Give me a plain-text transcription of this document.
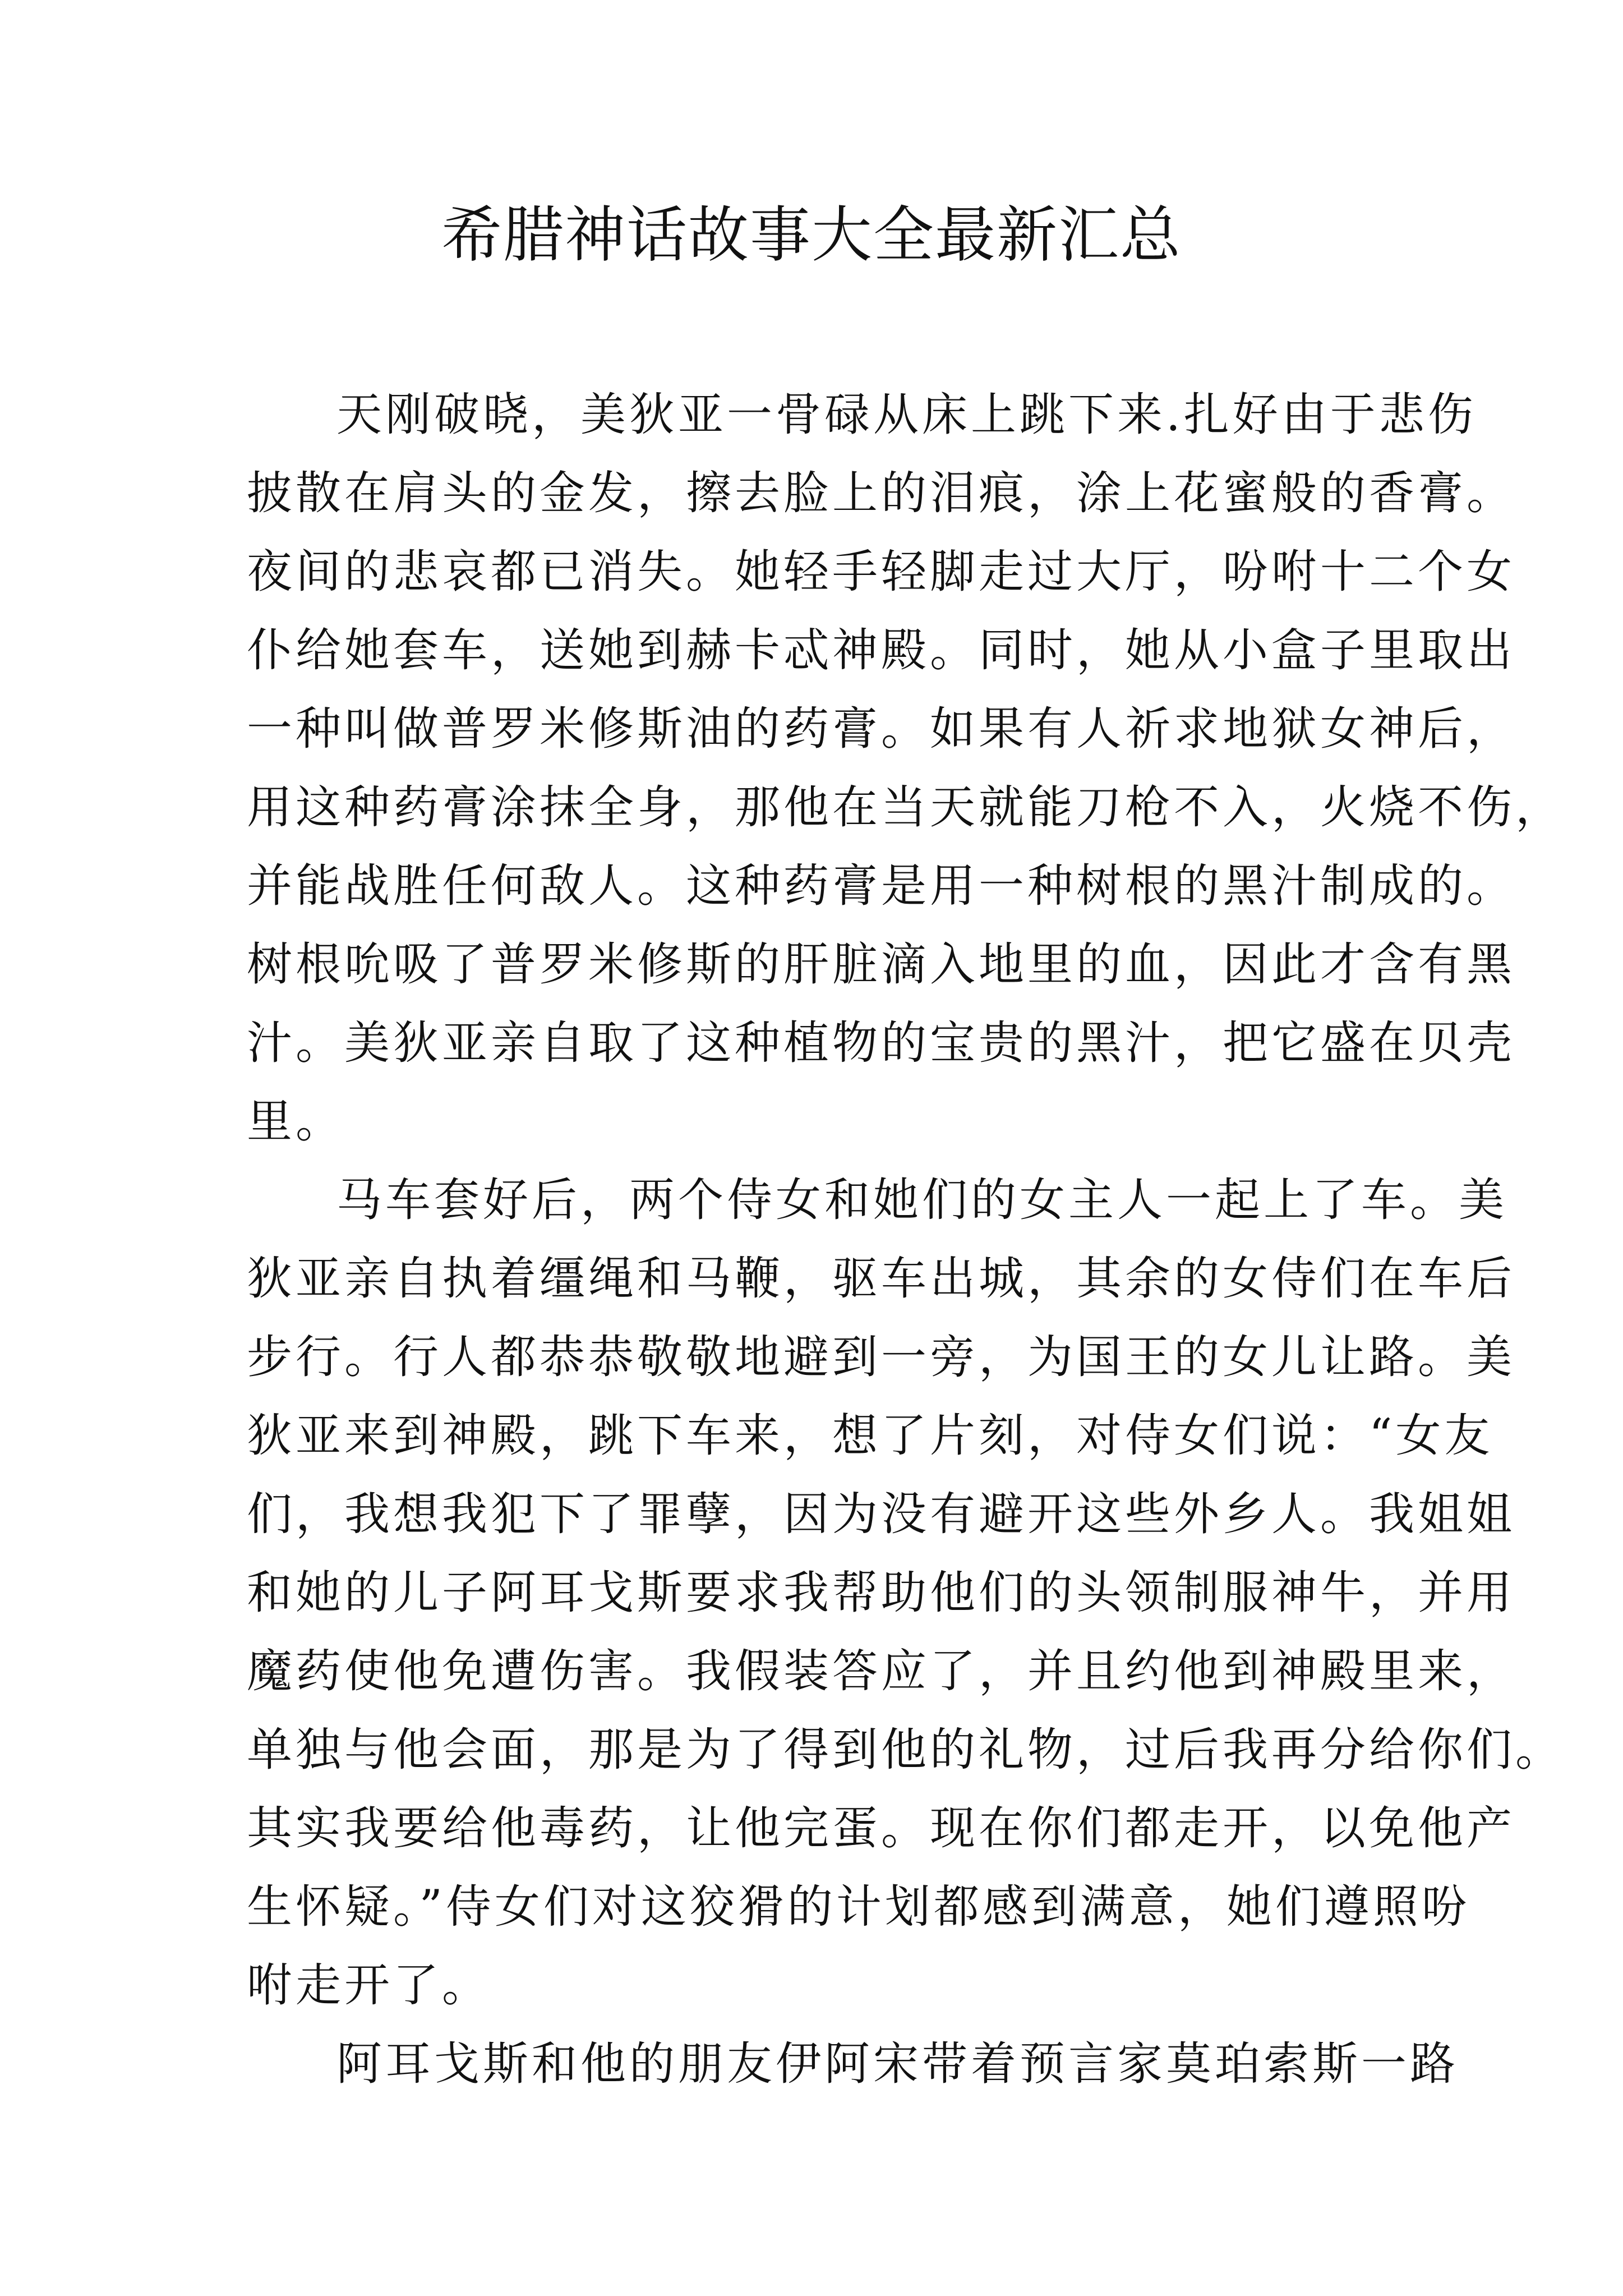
希腊神话故事大全最新汇总
天刚破晓，美狄亚一骨碌从床上跳下来.扎好由于悲伤
披散在肩头的金发，擦去脸上的泪痕，涂上花蜜般的香膏。
夜间的悲哀都已消失。她轻手轻脚走过大厅，吩咐十二个女
仆给她套车，送她到赫卡忒神殿。同时，她从小盒子里取出
一种叫做普罗米修斯油的药膏。如果有人祈求地狱女神后，
用这种药膏涂抹全身，那他在当天就能刀枪不入，火烧不伤，
并能战胜任何敌人。这种药膏是用一种树根的黑汁制成的。
树根吮吸了普罗米修斯的肝脏滴入地里的血，因此才含有黑
汁。美狄亚亲自取了这种植物的宝贵的黑汁，把它盛在贝壳
里。
马车套好后，两个侍女和她们的女主人一起上了车。美
狄亚亲自执着缰绳和马鞭，驱车出城，其余的女侍们在车后
步行。行人都恭恭敬敬地避到一旁，为国王的女儿让路。美
狄亚来到神殿，跳下车来，想了片刻，对侍女们说：“女友
们，我想我犯下了罪孽，因为没有避开这些外乡人。我姐姐
和她的儿子阿耳戈斯要求我帮助他们的头领制服神牛，并用
魔药使他免遭伤害。我假装答应了，并且约他到神殿里来，
单独与他会面，那是为了得到他的礼物，过后我再分给你们。
其实我要给他毒药，让他完蛋。现在你们都走开，以免他产
生怀疑。”侍女们对这狡猾的计划都感到满意，她们遵照吩
咐走开了。
阿耳戈斯和他的朋友伊阿宋带着预言家莫珀索斯一路
